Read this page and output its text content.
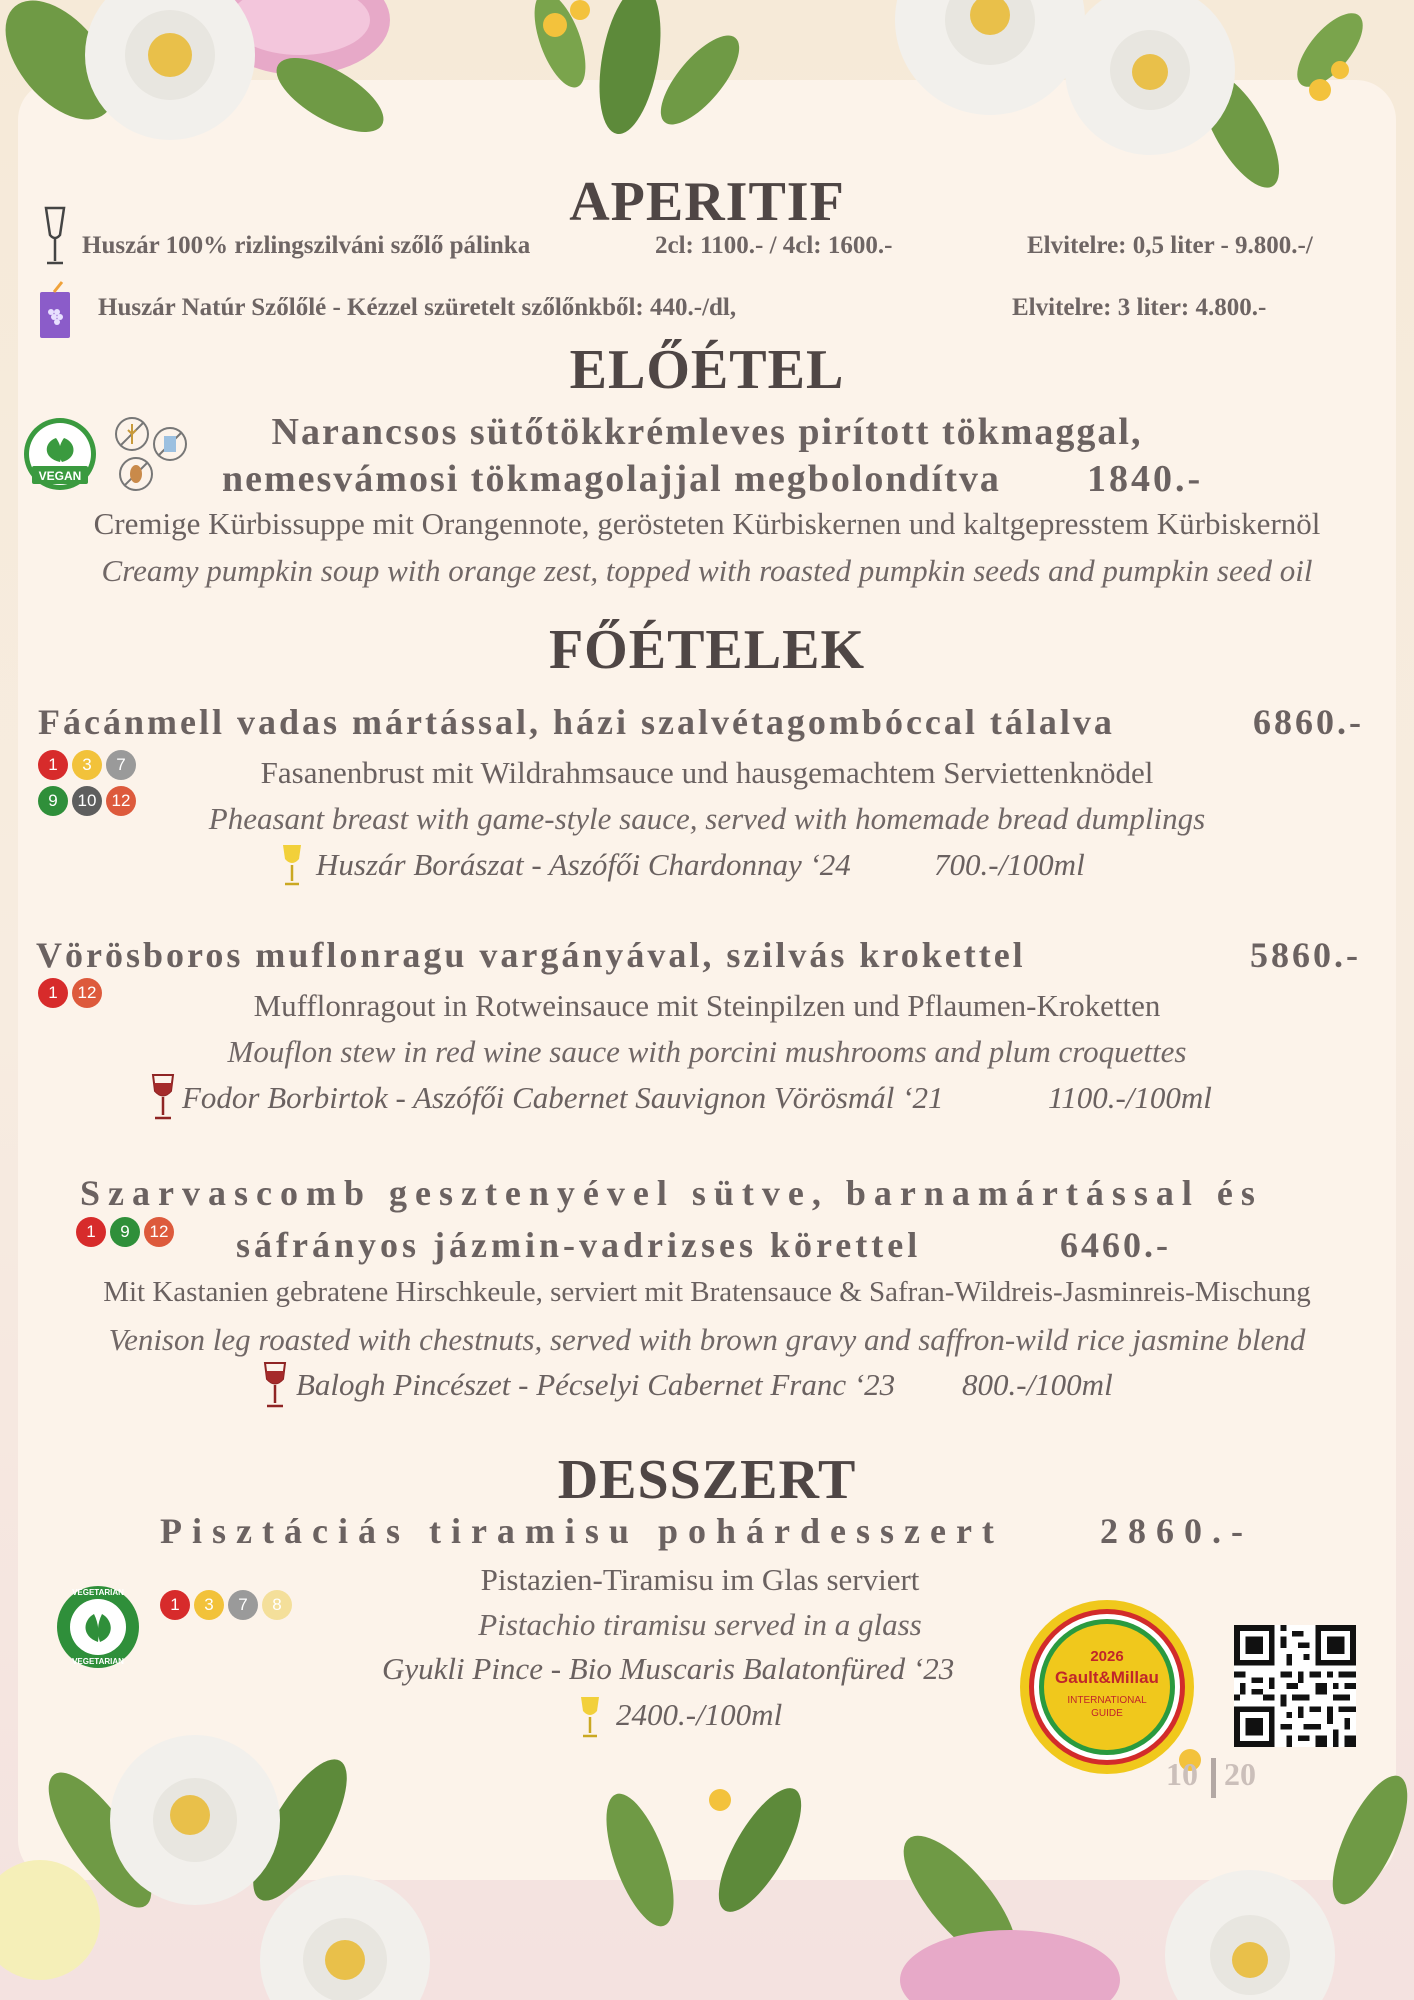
APERITIF
Huszár 100% rizlingszilváni szőlő pálinka	2cl: 1100.- / 4cl: 1600.-	Elvitelre: 0,5 liter - 9.800.-/
Huszár Natúr Szőlőlé - Kézzel szüretelt szőlőnkből: 440.-/dl,	Elvitelre: 3 liter: 4.800.-
ELŐÉTEL
VEGAN
Narancsos sütőtökkrémleves pirított tökmaggal,
nemesvámosi tökmagolajjal megbolondítva 1840.-
Cremige Kürbissuppe mit Orangennote, gerösteten Kürbiskernen und kaltgepresstem Kürbiskernöl
Creamy pumpkin soup with orange zest, topped with roasted pumpkin seeds and pumpkin seed oil
FŐÉTELEK
Fácánmell vadas mártással, házi szalvétagombóccal tálalva	6860.-
1 3 7
9 10 12
Fasanenbrust mit Wildrahmsauce und hausgemachtem Serviettenknödel
Pheasant breast with game-style sauce, served with homemade bread dumplings
Huszár Borászat - Aszófői Chardonnay ‘24	700.-/100ml
Vörösboros muflonragu vargányával, szilvás krokettel	5860.-
1 12	Mufflonragout in Rotweinsauce mit Steinpilzen und Pflaumen-Kroketten
Mouflon stew in red wine sauce with porcini mushrooms and plum croquettes
Fodor Borbirtok - Aszófői Cabernet Sauvignon Vörösmál ‘21	1100.-/100ml
Szarvascomb gesztenyével sütve, barnamártással és
1 9 12 sáfrányos jázmin-vadrizses körettel	6460.-
Mit Kastanien gebratene Hirschkeule, serviert mit Bratensauce & Safran-Wildreis-Jasminreis-Mischung
Venison leg roasted with chestnuts, served with brown gravy and saffron-wild rice jasmine blend
Balogh Pincészet - Pécselyi Cabernet Franc ‘23 800.-/100ml
DESSZERT
Pisztáciás tiramisu pohárdesszert	2860.-
VEGETARIAN
VEGETARIAN
1 3 7 8
Pistazien-Tiramisu im Glas serviert
Pistachio tiramisu served in a glass
Gyukli Pince - Bio Muscaris Balatonfüred ‘23
2400.-/100ml
2026
Gault&Millau
INTERNATIONAL
GUIDE
10 20
